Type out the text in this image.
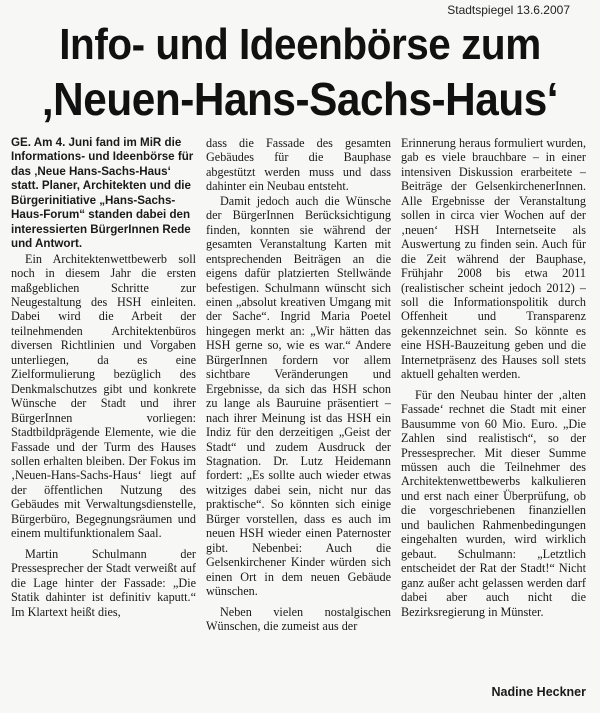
Stadtspiegel 13.6.2007
Info- und Ideenbörse zum
‚Neuen-Hans-Sachs-Haus‘

GE. Am 4. Juni fand im MiR die Informations- und Ideenbörse für das ‚Neue Hans-Sachs-Haus‘ statt. Planer, Architekten und die Bürgerinitiative „Hans-Sachs-Haus-Forum“ standen dabei den interessierten BürgerInnen Rede und Antwort.

Ein Architektenwettbewerb soll noch in diesem Jahr die ersten maßgeblichen Schritte zur Neugestaltung des HSH einleiten. Dabei wird die Arbeit der teilnehmenden Architektenbüros diversen Richtlinien und Vorgaben unterliegen, da es eine Zielformulierung bezüglich des Denkmalschutzes gibt und konkrete Wünsche der Stadt und ihrer BürgerInnen vorliegen: Stadtbildprägende Elemente, wie die Fassade und der Turm des Hauses sollen erhalten bleiben. Der Fokus im ‚Neuen-Hans-Sachs-Haus‘ liegt auf der öffentlichen Nutzung des Gebäudes mit Verwaltungsdienstelle, Bürgerbüro, Begegnungsräumen und einem multifunktionalem Saal.

Martin Schulmann der Pressesprecher der Stadt verweißt auf die Lage hinter der Fassade: „Die Statik dahinter ist definitiv kaputt.“ Im Klartext heißt dies,

dass die Fassade des gesamten Gebäudes für die Bauphase abgestützt werden muss und dass dahinter ein Neubau entsteht.

Damit jedoch auch die Wünsche der BürgerInnen Berücksichtigung finden, konnten sie während der gesamten Veranstaltung Karten mit entsprechenden Beiträgen an die eigens dafür platzierten Stellwände befestigen. Schulmann wünscht sich einen „absolut kreativen Umgang mit der Sache“. Ingrid Maria Poetel hingegen merkt an: „Wir hätten das HSH gerne so, wie es war.“ Andere BürgerInnen fordern vor allem sichtbare Veränderungen und Ergebnisse, da sich das HSH schon zu lange als Bauruine präsentiert – nach ihrer Meinung ist das HSH ein Indiz für den derzeitigen „Geist der Stadt“ und zudem Ausdruck der Stagnation. Dr. Lutz Heidemann fordert: „Es sollte auch wieder etwas witziges dabei sein, nicht nur das praktische“. So könnten sich einige Bürger vorstellen, dass es auch im neuen HSH wieder einen Paternoster gibt. Nebenbei: Auch die Gelsenkirchener Kinder würden sich einen Ort in dem neuen Gebäude wünschen.

Neben vielen nostalgischen Wünschen, die zumeist aus der

Erinnerung heraus formuliert wurden, gab es viele brauchbare – in einer intensiven Diskussion erarbeitete – Beiträge der GelsenkirchenerInnen. Alle Ergebnisse der Veranstaltung sollen in circa vier Wochen auf der ‚neuen‘ HSH Internetseite als Auswertung zu finden sein. Auch für die Zeit während der Bauphase, Frühjahr 2008 bis etwa 2011 (realistischer scheint jedoch 2012) – soll die Informationspolitik durch Offenheit und Transparenz gekennzeichnet sein. So könnte es eine HSH-Bauzeitung geben und die Internetpräsenz des Hauses soll stets aktuell gehalten werden.

Für den Neubau hinter der ‚alten Fassade‘ rechnet die Stadt mit einer Bausumme von 60 Mio. Euro. „Die Zahlen sind realistisch“, so der Pressesprecher. Mit dieser Summe müssen auch die Teilnehmer des Architektenwettbewerbs kalkulieren und erst nach einer Überprüfung, ob die vorgeschriebenen finanziellen und baulichen Rahmenbedingungen eingehalten wurden, wird wirklich gebaut. Schulmann: „Letztlich entscheidet der Rat der Stadt!“ Nicht ganz außer acht gelassen werden darf dabei aber auch nicht die Bezirksregierung in Münster.

Nadine Heckner
